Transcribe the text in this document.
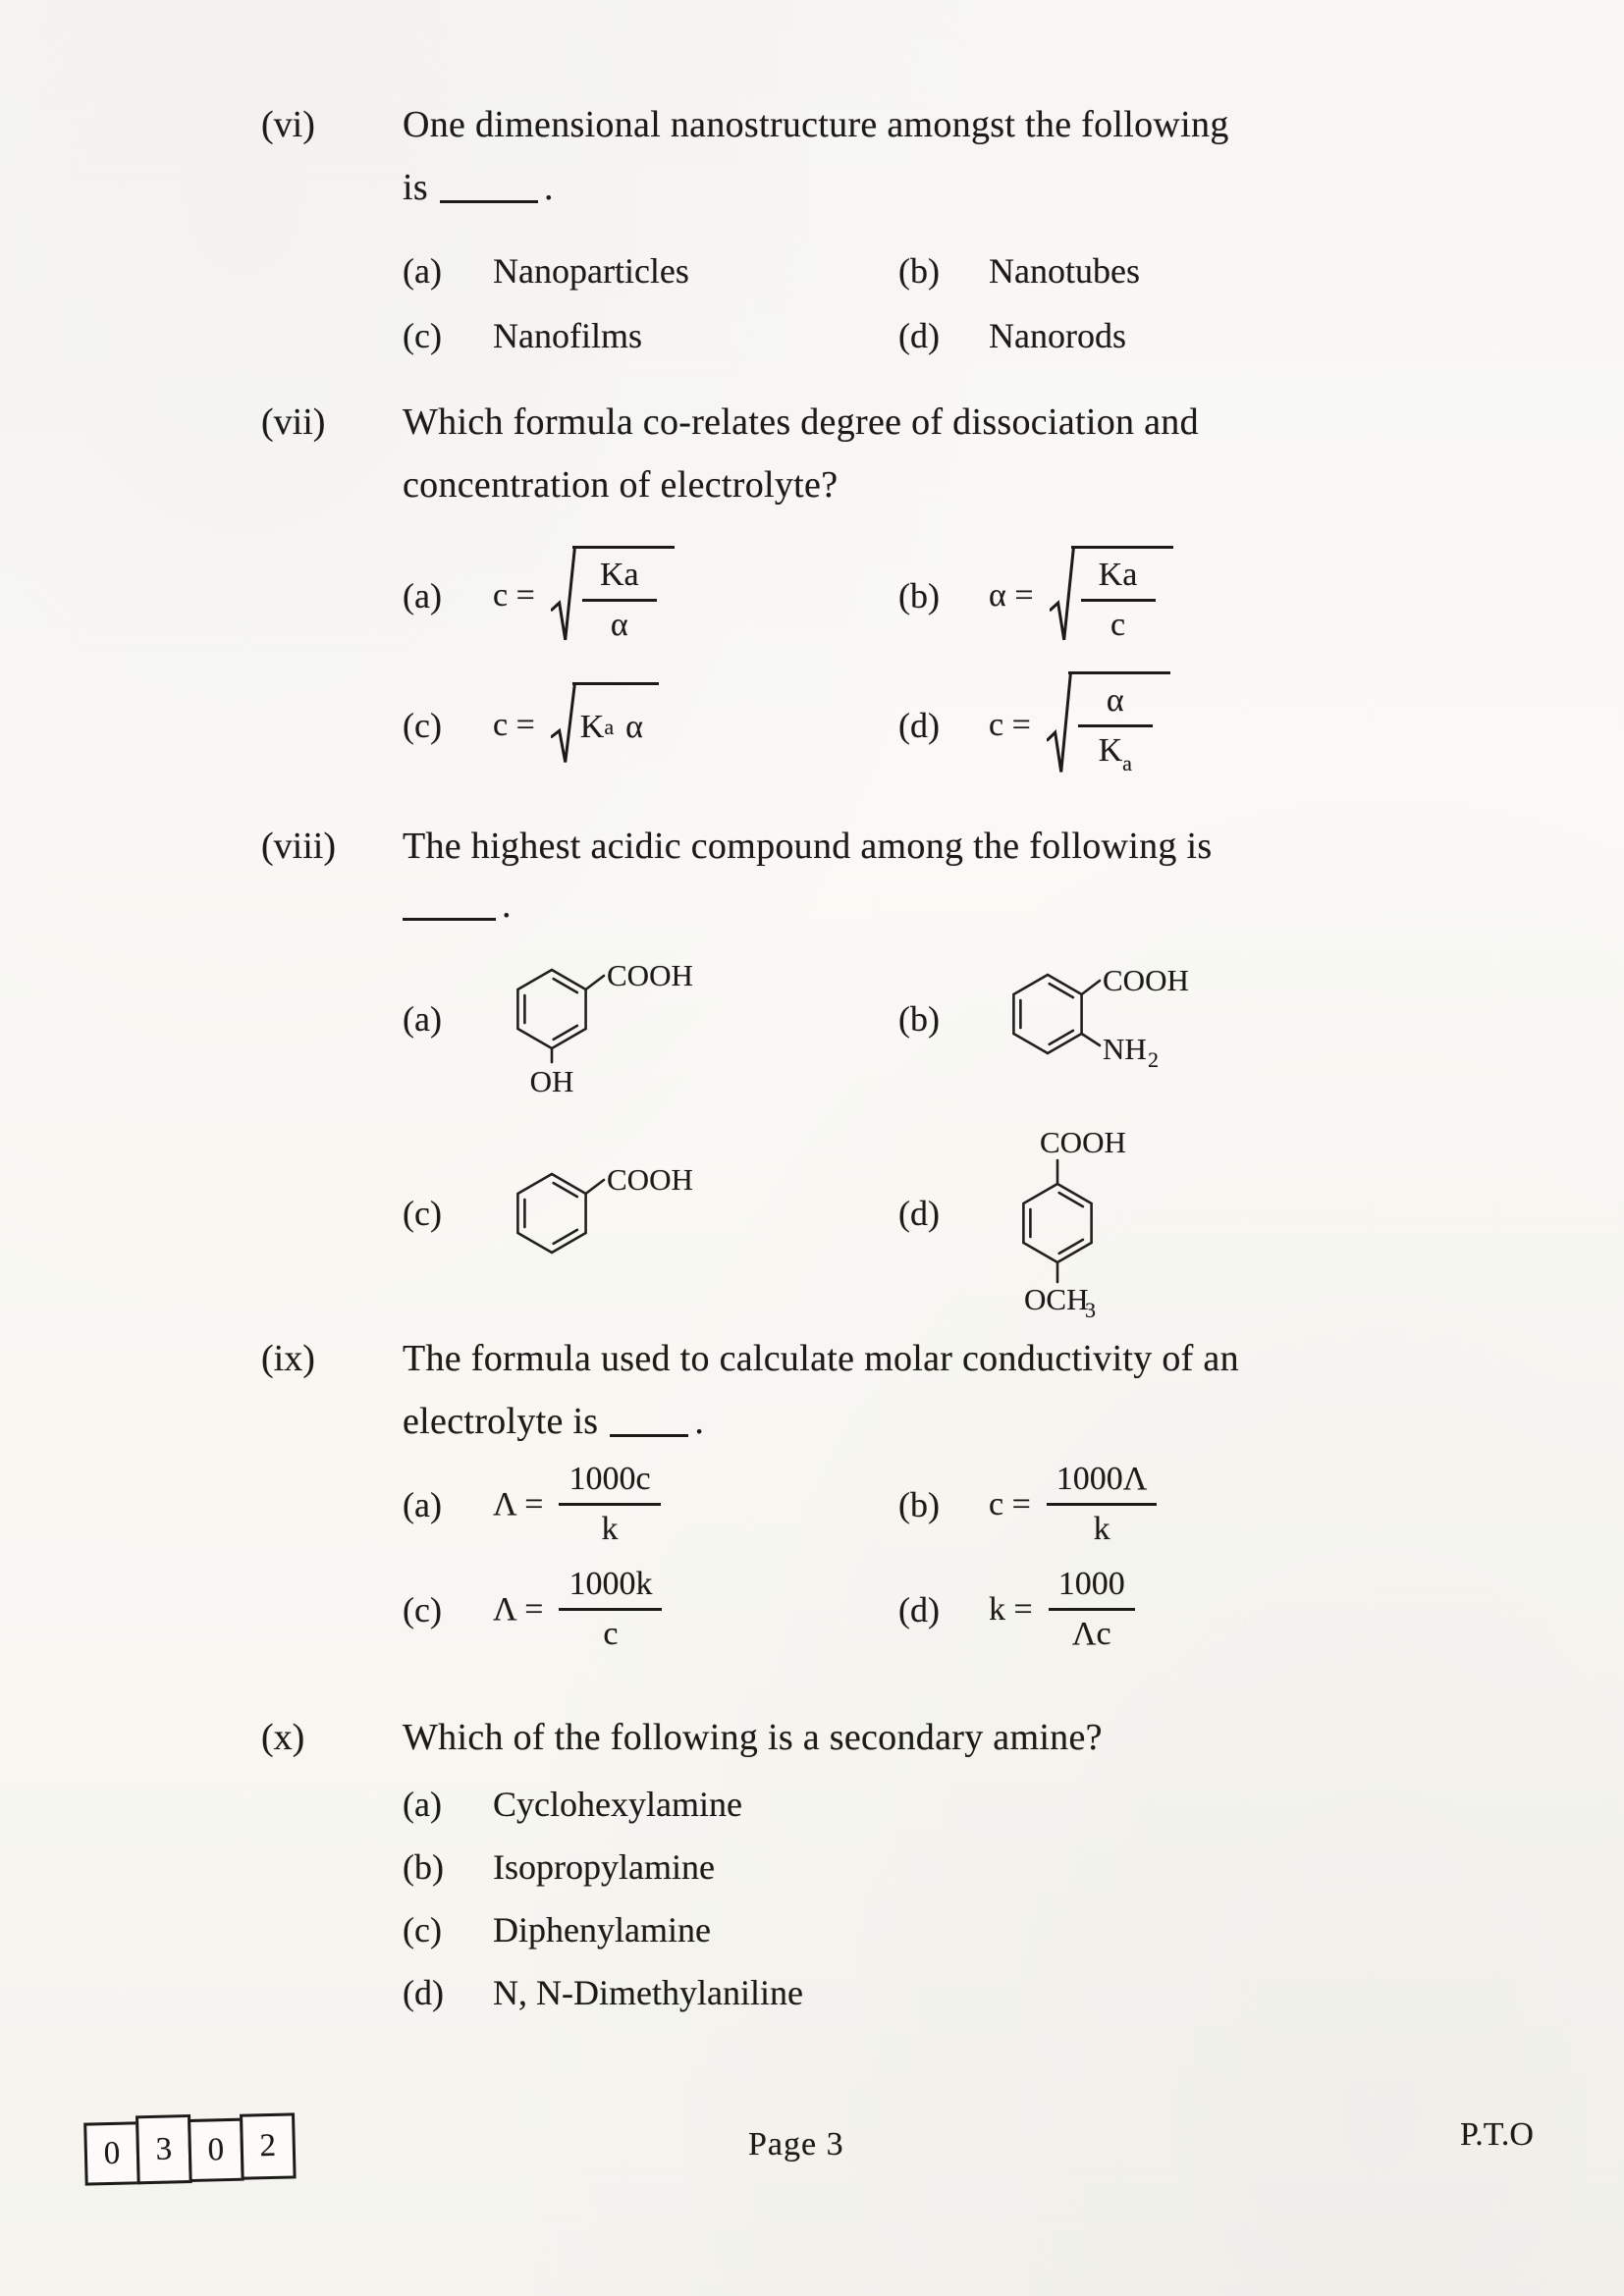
(vi)	One dimensional nanostructure amongst the following

is	.

(a)	Nanoparticles	(b)	Nanotubes
(c)	Nanofilms	(d)	Nanorods
(vii)	Which formula co-relates degree of dissociation and

concentration of electrolyte?

(a)	$c = \frac{Ka}{\alpha}$	(b)	$\alpha = \frac{Ka}{c}$
(c)	c = K a α	(d)	$c = \frac{\alpha}{K_a}$
(viii)	The highest acidic compound among the following is

.

(a)
COOH
OH
(b)
COOH
NH 2
(c)
COOH
(d)
COOH
OCH
3
(ix)	The formula used to calculate molar conductivity of an

electrolyte is	.

(a)	$\Lambda = \frac{1000c}{k}$	(b)	$c = \frac{1000\Lambda}{k}$
(c)	$\Lambda = \frac{1000k}{c}$	(d)	$k = \frac{1000}{\Lambda c}$
(x)	Which of the following is a secondary amine?

(a)	Cyclohexylamine
(b)	Isopropylamine
(c)	Diphenylamine
(d)	N, N-Dimethylaniline
0	3	0	2	Page 3	P.T.O
